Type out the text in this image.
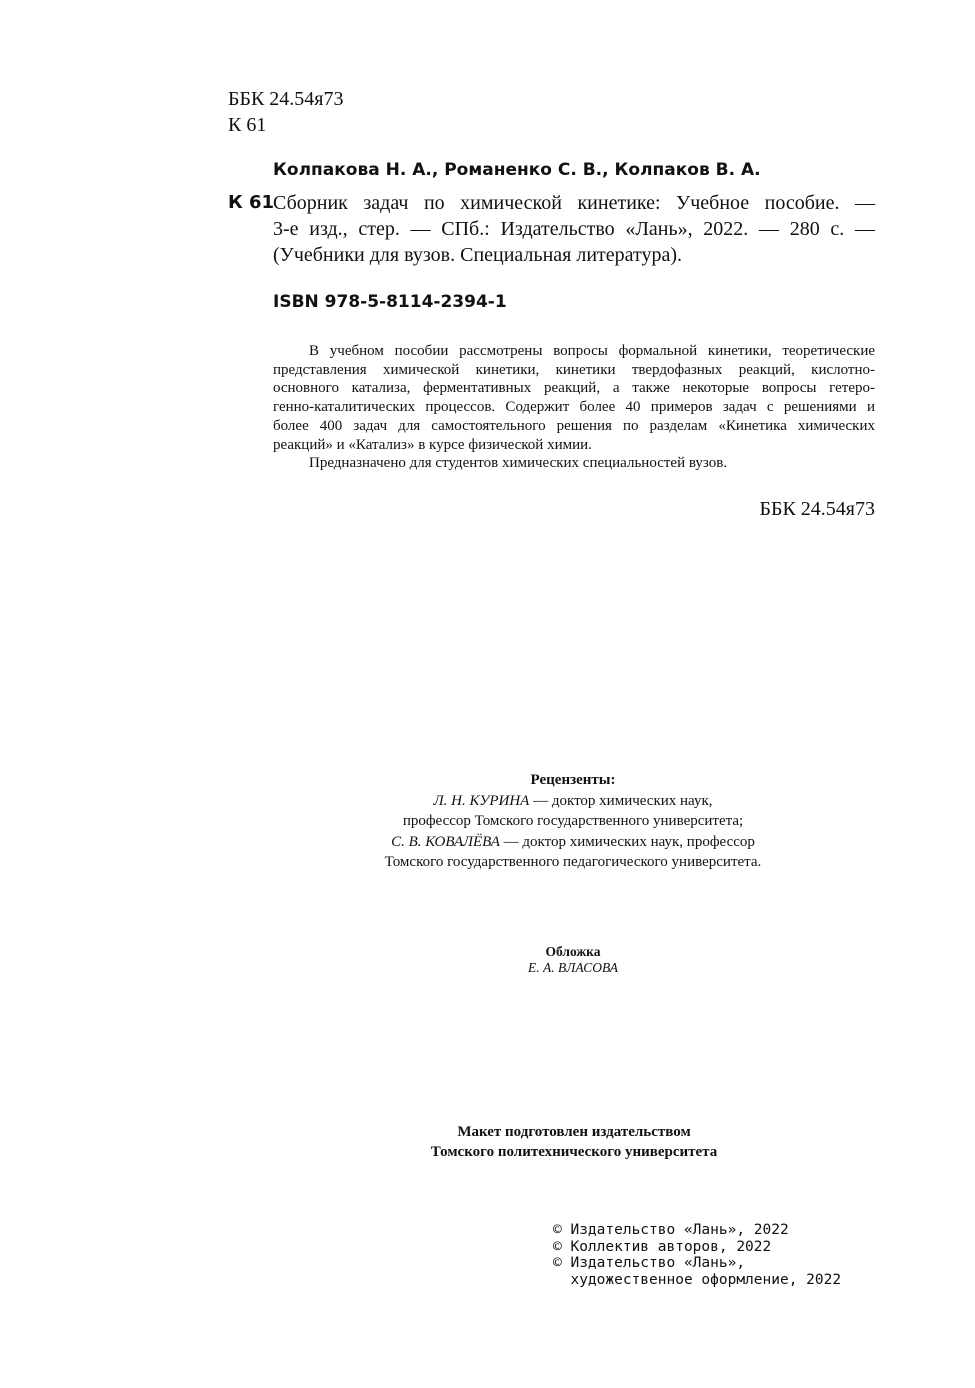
ББК 24.54я73
К 61
Колпакова Н. А., Романенко С. В., Колпаков В. А.
К 61
Сборник задач по химической кинетике: Учебное пособие. —
3-е изд., стер. — СПб.: Издательство «Лань», 2022. — 280 с. —
(Учебники для вузов. Специальная литература).
ISBN 978-5-8114-2394-1
В учебном пособии рассмотрены вопросы формальной кинетики, теоретические
представления химической кинетики, кинетики твердофазных реакций, кислотно-
основного катализа, ферментативных реакций, а также некоторые вопросы гетеро-
генно-каталитических процессов. Содержит более 40 примеров задач с решениями и
более 400 задач для самостоятельного решения по разделам «Кинетика химических
реакций» и «Катализ» в курсе физической химии.
Предназначено для студентов химических специальностей вузов.
ББК 24.54я73
Рецензенты:
Л. Н. КУРИНА — доктор химических наук,
профессор Томского государственного университета;
С. В. КОВАЛЁВА — доктор химических наук, профессор
Томского государственного педагогического университета.
Обложка
Е. А. ВЛАСОВА
Макет подготовлен издательством
Томского политехнического университета
© Издательство «Лань», 2022
© Коллектив авторов, 2022
© Издательство «Лань»,
художественное оформление, 2022
